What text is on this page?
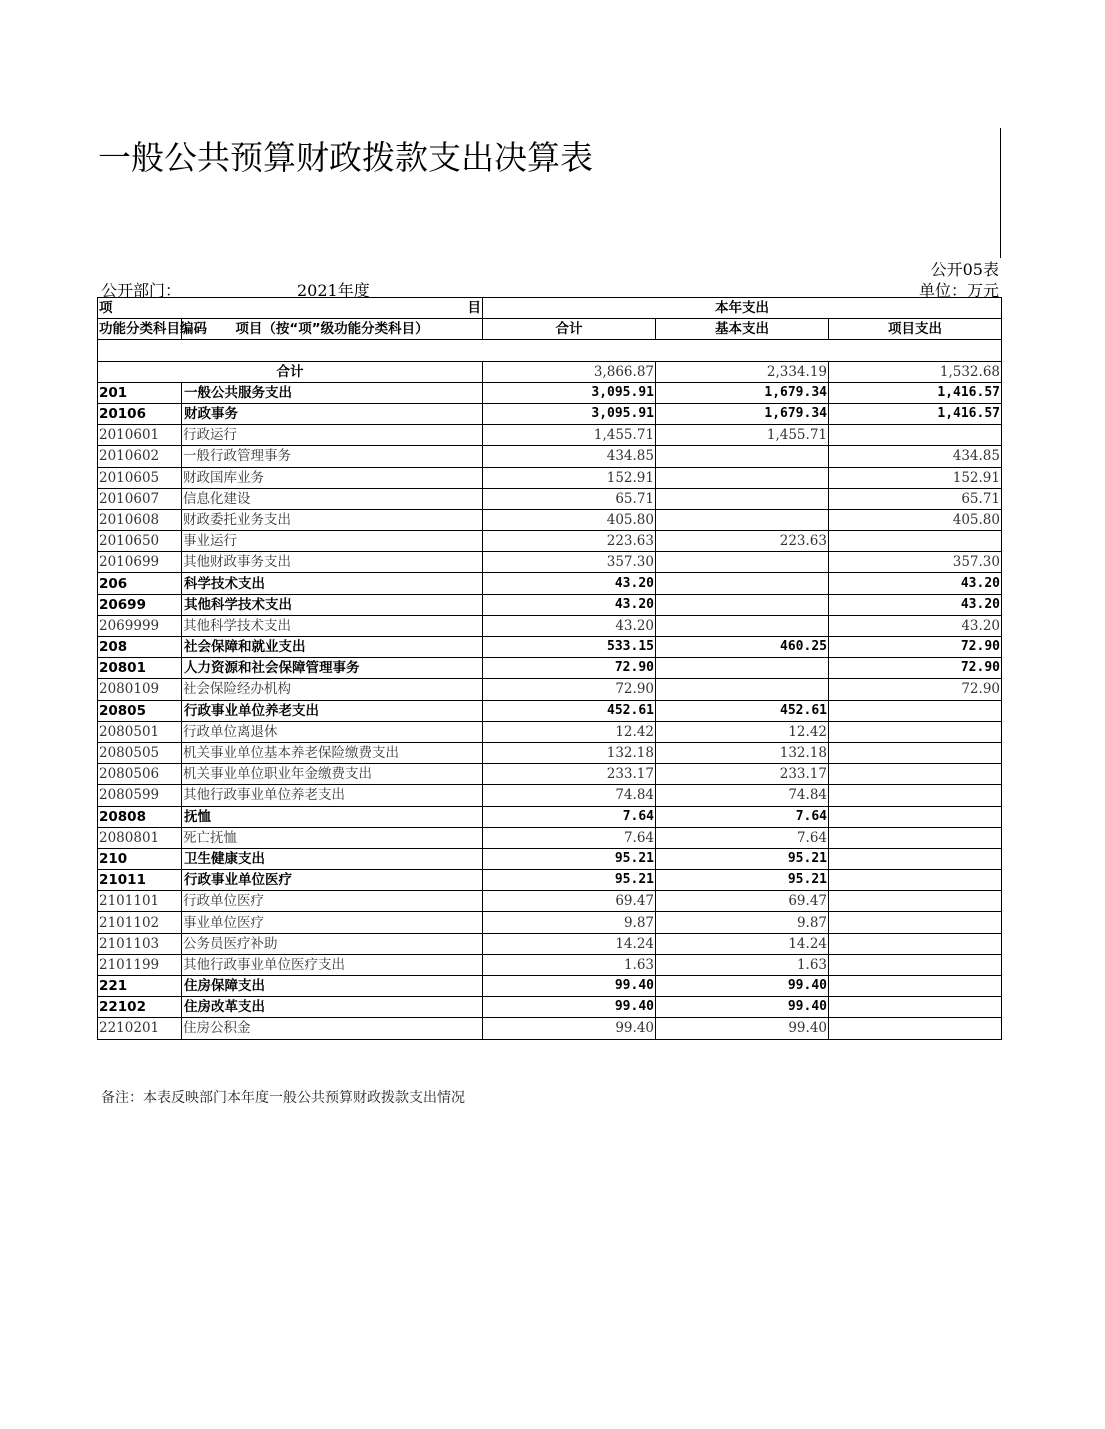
一般公共预算财政拨款支出决算表
公开05表
公开部门：	2021年度	单位：万元
项 目		本年支出		
功能分类科目编码	项目（按“项”级功能分类科目）	合计	基本支出	项目支出

合计		3,866.87	2,334.19	1,532.68
201	一般公共服务支出	3,095.91	1,679.34	1,416.57
20106	财政事务	3,095.91	1,679.34	1,416.57
2010601	行政运行	1,455.71	1,455.71	
2010602	一般行政管理事务	434.85		434.85
2010605	财政国库业务	152.91		152.91
2010607	信息化建设	65.71		65.71
2010608	财政委托业务支出	405.80		405.80
2010650	事业运行	223.63	223.63	
2010699	其他财政事务支出	357.30		357.30
206	科学技术支出	43.20		43.20
20699	其他科学技术支出	43.20		43.20
2069999	其他科学技术支出	43.20		43.20
208	社会保障和就业支出	533.15	460.25	72.90
20801	人力资源和社会保障管理事务	72.90		72.90
2080109	社会保险经办机构	72.90		72.90
20805	行政事业单位养老支出	452.61	452.61	
2080501	行政单位离退休	12.42	12.42	
2080505	机关事业单位基本养老保险缴费支出	132.18	132.18	
2080506	机关事业单位职业年金缴费支出	233.17	233.17	
2080599	其他行政事业单位养老支出	74.84	74.84	
20808	抚恤	7.64	7.64	
2080801	死亡抚恤	7.64	7.64	
210	卫生健康支出	95.21	95.21	
21011	行政事业单位医疗	95.21	95.21	
2101101	行政单位医疗	69.47	69.47	
2101102	事业单位医疗	9.87	9.87	
2101103	公务员医疗补助	14.24	14.24	
2101199	其他行政事业单位医疗支出	1.63	1.63	
221	住房保障支出	99.40	99.40	
22102	住房改革支出	99.40	99.40	
2210201	住房公积金	99.40	99.40	
备注：本表反映部门本年度一般公共预算财政拨款支出情况
